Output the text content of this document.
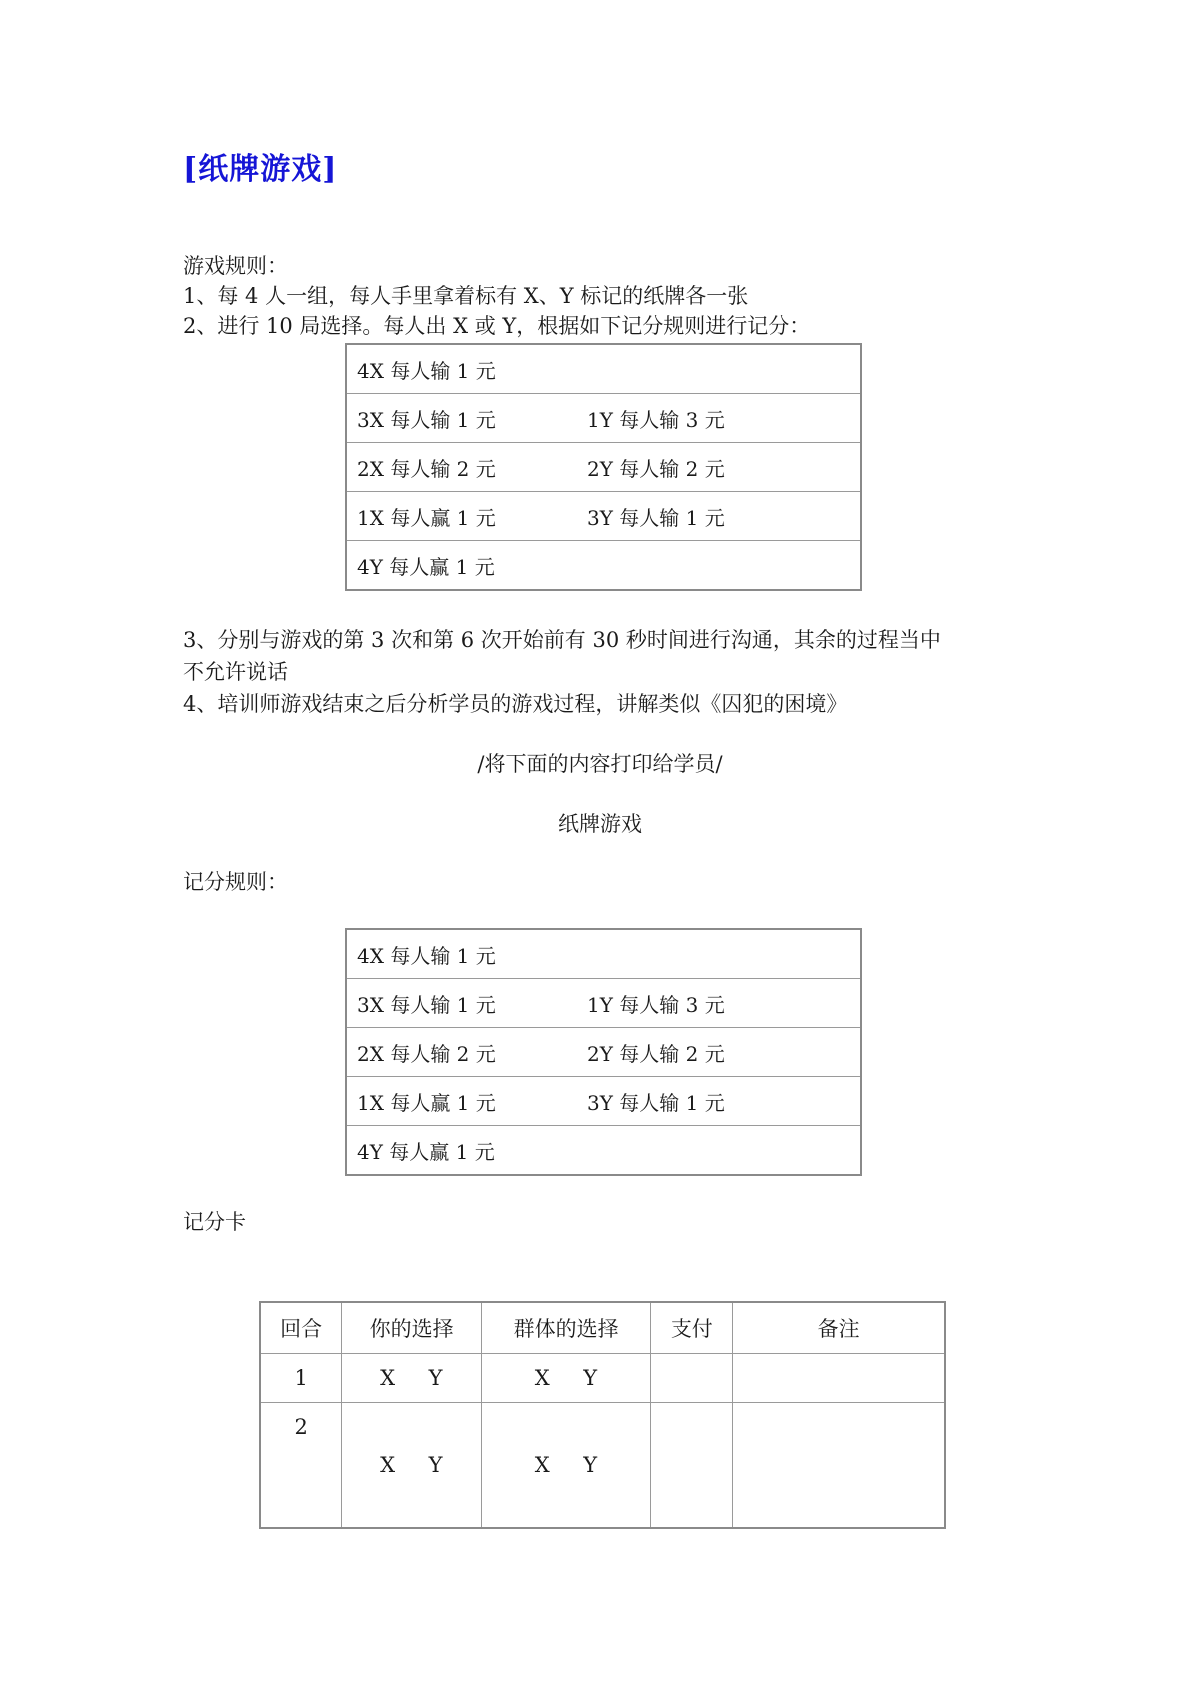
[纸牌游戏]
游戏规则：
1、每 4 人一组，每人手里拿着标有 X、Y 标记的纸牌各一张
2、进行 10 局选择。每人出 X 或 Y，根据如下记分规则进行记分：
4X 每人输 1 元
3X 每人输 1 元	1Y 每人输 3 元
2X 每人输 2 元	2Y 每人输 2 元
1X 每人赢 1 元	3Y 每人输 1 元
4Y 每人赢 1 元
3、分别与游戏的第 3 次和第 6 次开始前有 30 秒时间进行沟通，其余的过程当中
不允许说话
4、培训师游戏结束之后分析学员的游戏过程，讲解类似《囚犯的困境》
/将下面的内容打印给学员/
纸牌游戏
记分规则：
4X 每人输 1 元
3X 每人输 1 元	1Y 每人输 3 元
2X 每人输 2 元	2Y 每人输 2 元
1X 每人赢 1 元	3Y 每人输 1 元
4Y 每人赢 1 元
记分卡
回合	你的选择	群体的选择	支付	备注
1	X Y	X Y		
2	X Y	X Y		
